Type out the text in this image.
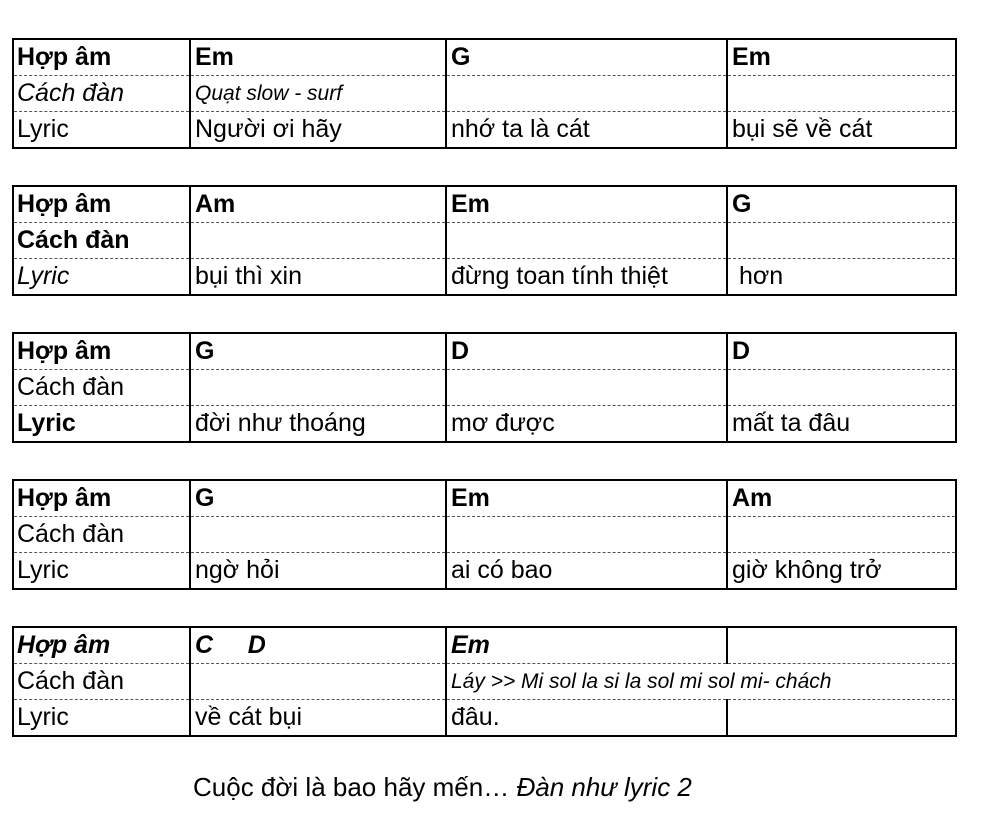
Hợp âm	Em	G	Em
Cách đàn	Quạt slow - surf		
Lyric	Người ơi hãy	nhớ ta là cát	bụi sẽ về cát
Hợp âm	Am	Em	G
Cách đàn			
Lyric	bụi thì xin	đừng toan tính thiệt	hơn
Hợp âm	G	D	D
Cách đàn			
Lyric	đời như thoáng	mơ được	mất ta đâu
Hợp âm	G	Em	Am
Cách đàn			
Lyric	ngờ hỏi	ai có bao	giờ không trở
Hợp âm	C     D	Em	
Cách đàn		Láy >> Mi sol la si la sol mi sol mi- chách	
Lyric	về cát bụi	đâu.	
Cuộc đời là bao hãy mến… Đàn như lyric 2
